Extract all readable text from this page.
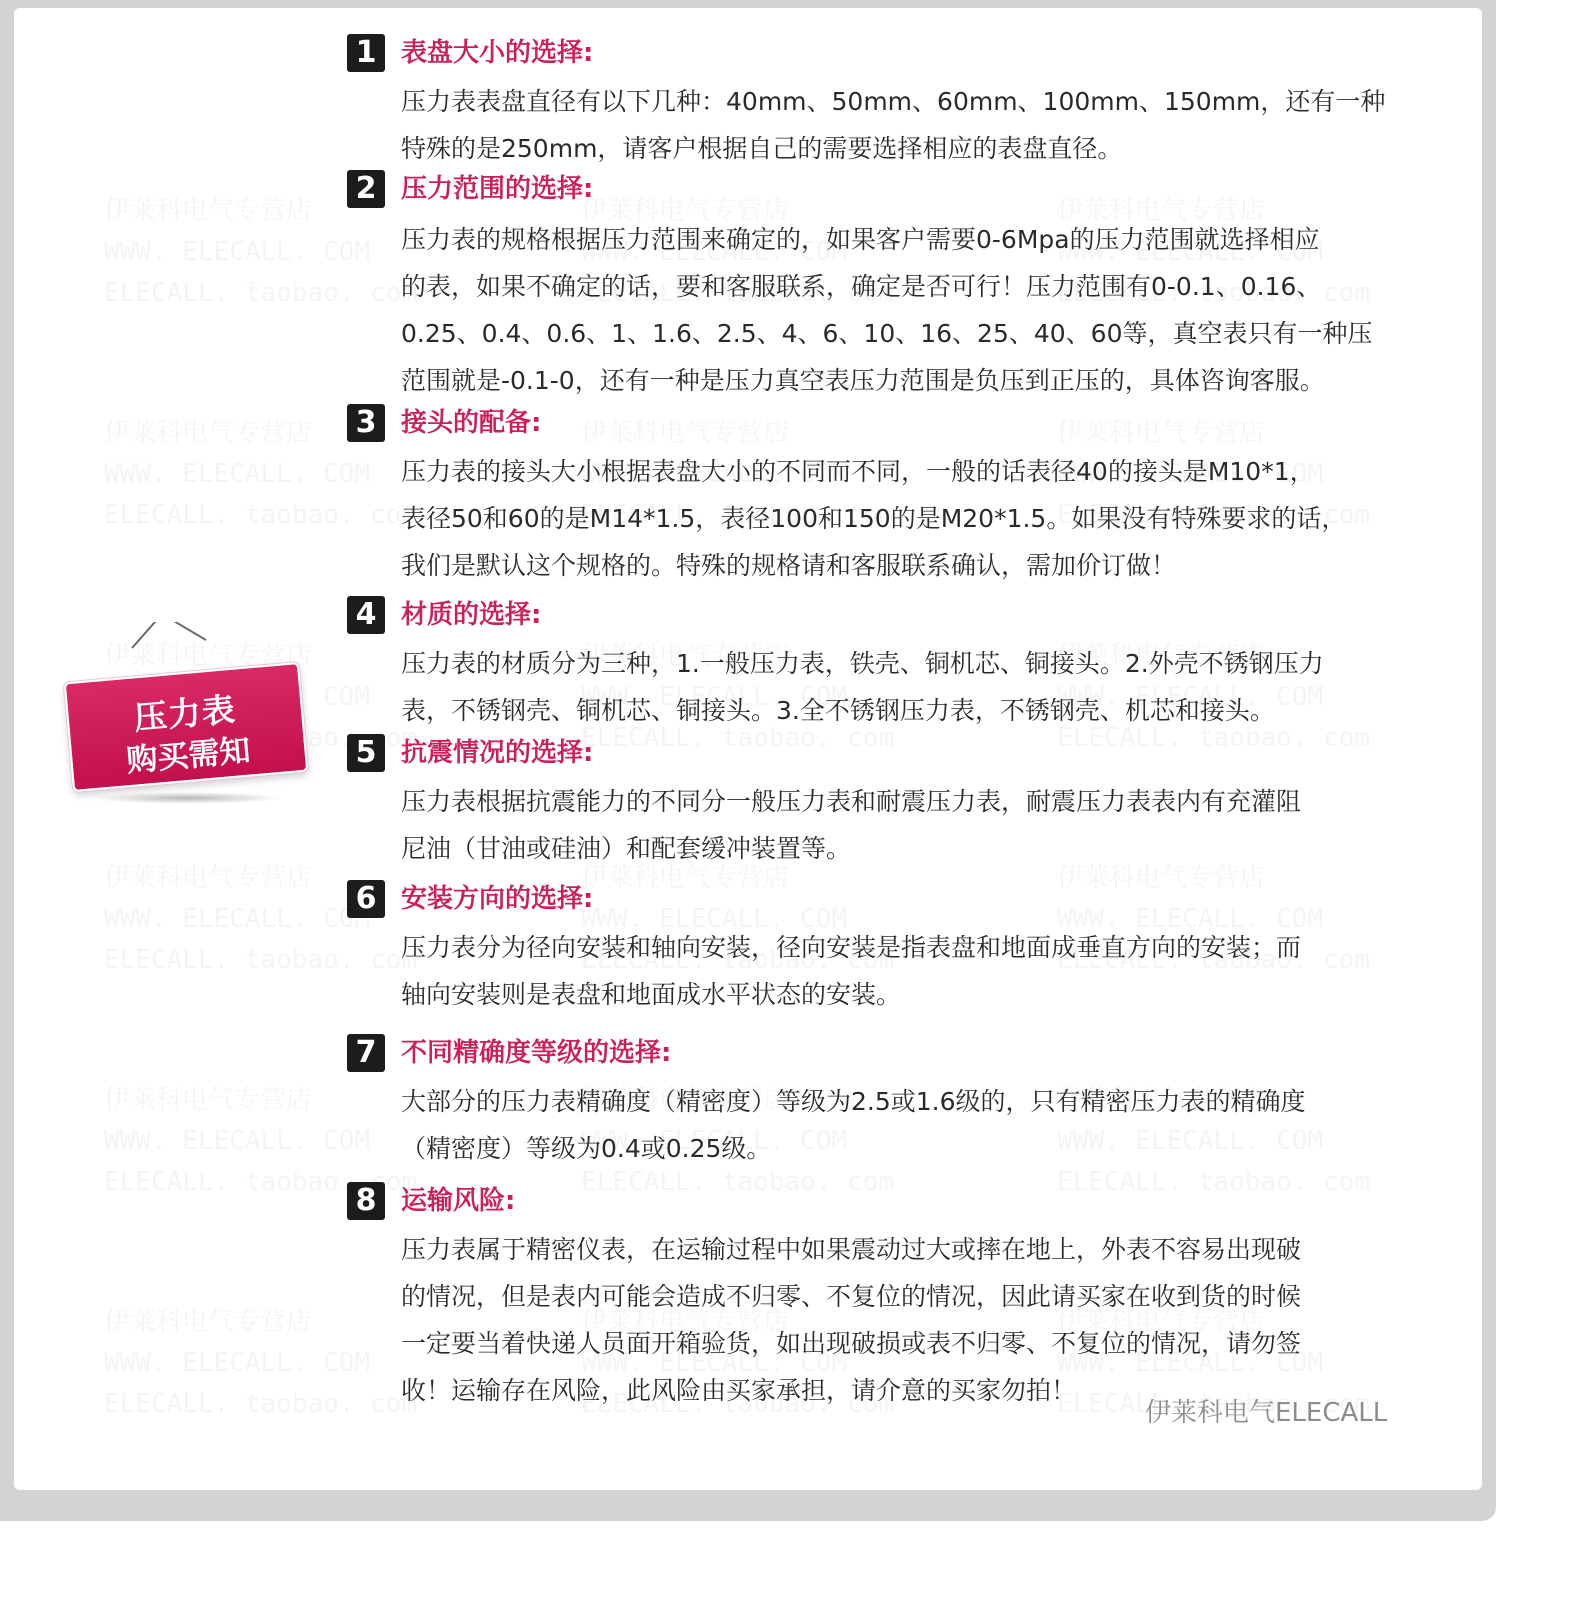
压力表
购买需知
1 表盘大小的选择:
压力表表盘直径有以下几种：40mm、50mm、60mm、100mm、150mm，还有一种
特殊的是250mm，请客户根据自己的需要选择相应的表盘直径。
2 压力范围的选择:
压力表的规格根据压力范围来确定的，如果客户需要0-6Mpa的压力范围就选择相应
的表，如果不确定的话，要和客服联系，确定是否可行！压力范围有0-0.1、0.16、
0.25、0.4、0.6、1、1.6、2.5、4、6、10、16、25、40、60等，真空表只有一种压
范围就是-0.1-0，还有一种是压力真空表压力范围是负压到正压的，具体咨询客服。
3 接头的配备:
压力表的接头大小根据表盘大小的不同而不同，一般的话表径40的接头是M10*1，
表径50和60的是M14*1.5，表径100和150的是M20*1.5。如果没有特殊要求的话，
我们是默认这个规格的。特殊的规格请和客服联系确认，需加价订做！
4 材质的选择:
压力表的材质分为三种，1.一般压力表，铁壳、铜机芯、铜接头。2.外壳不锈钢压力
表，不锈钢壳、铜机芯、铜接头。3.全不锈钢压力表，不锈钢壳、机芯和接头。
5 抗震情况的选择:
压力表根据抗震能力的不同分一般压力表和耐震压力表，耐震压力表表内有充灌阻
尼油（甘油或硅油）和配套缓冲装置等。
6 安装方向的选择:
压力表分为径向安装和轴向安装，径向安装是指表盘和地面成垂直方向的安装；而
轴向安装则是表盘和地面成水平状态的安装。
7 不同精确度等级的选择:
大部分的压力表精确度（精密度）等级为2.5或1.6级的，只有精密压力表的精确度
（精密度）等级为0.4或0.25级。
8 运输风险:
压力表属于精密仪表，在运输过程中如果震动过大或摔在地上，外表不容易出现破
的情况，但是表内可能会造成不归零、不复位的情况，因此请买家在收到货的时候
一定要当着快递人员面开箱验货，如出现破损或表不归零、不复位的情况，请勿签
收！运输存在风险，此风险由买家承担，请介意的买家勿拍！
伊莱科电气ELECALL
